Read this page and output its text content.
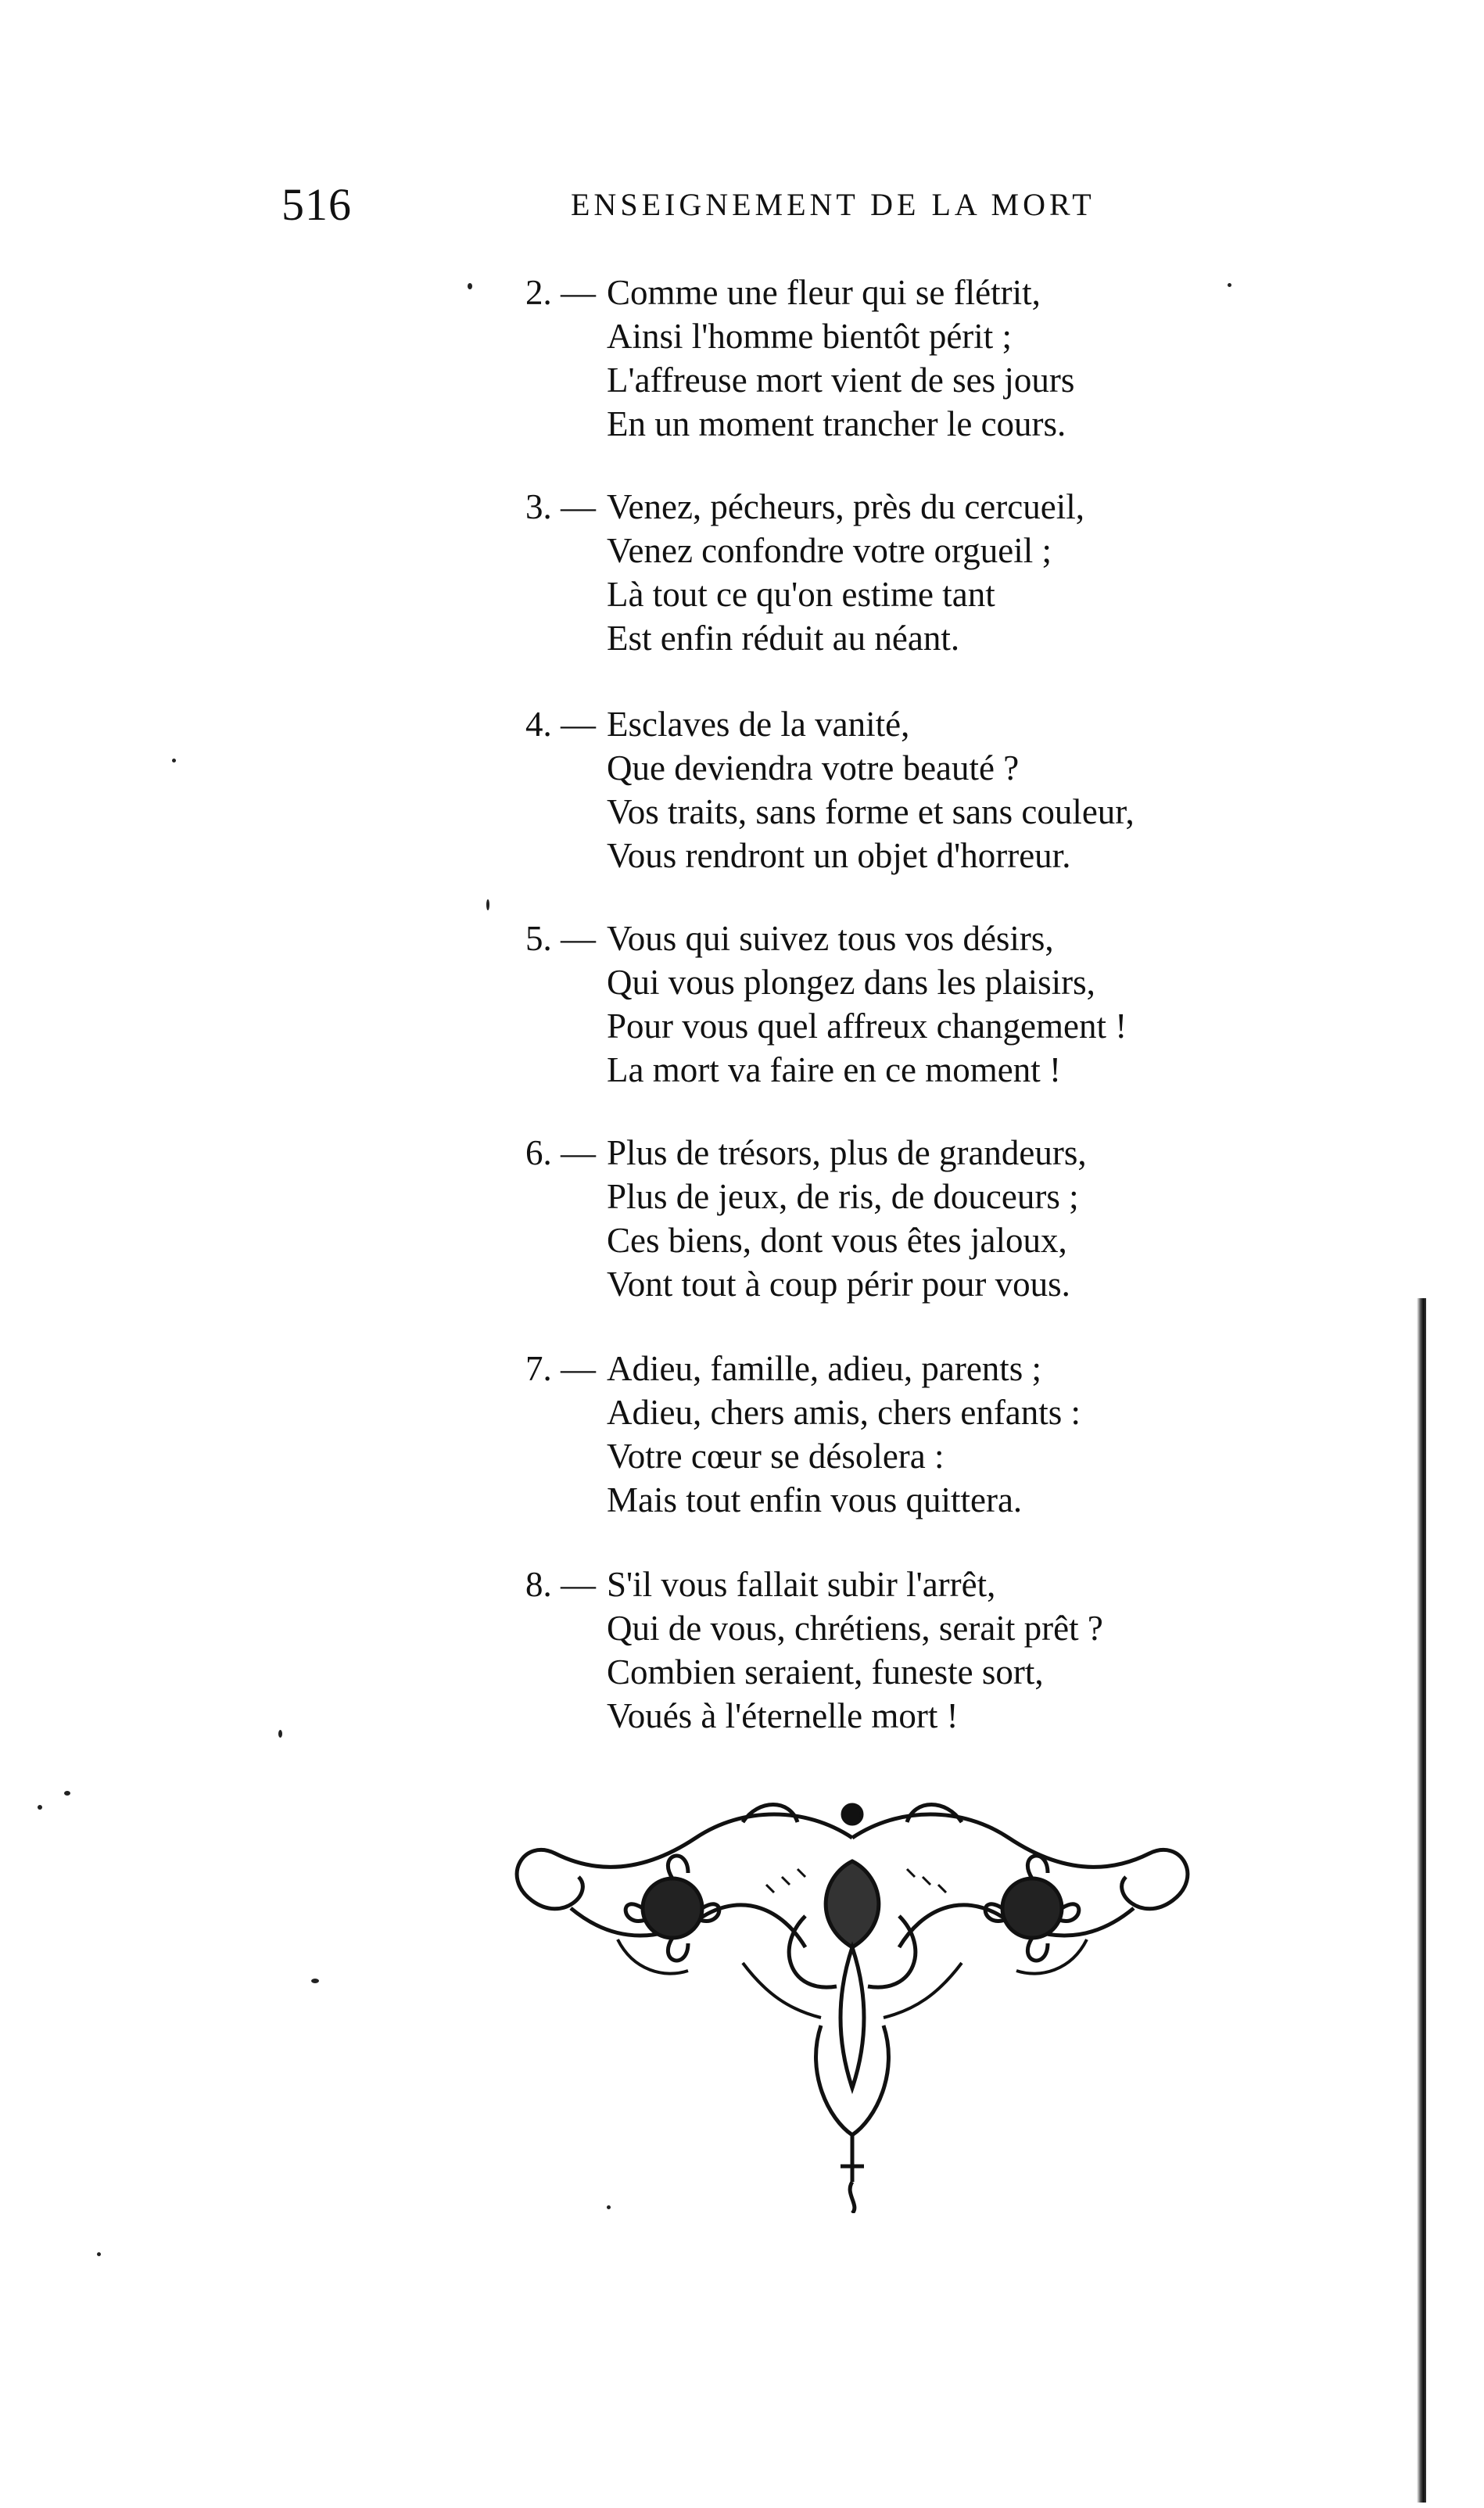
516	ENSEIGNEMENT DE LA MORT
2. — Comme une fleur qui se flétrit,
Ainsi l'homme bientôt périt ;
L'affreuse mort vient de ses jours
En un moment trancher le cours.
3. — Venez, pécheurs, près du cercueil,
Venez confondre votre orgueil ;
Là tout ce qu'on estime tant
Est enfin réduit au néant.
4. — Esclaves de la vanité,
Que deviendra votre beauté ?
Vos traits, sans forme et sans couleur,
Vous rendront un objet d'horreur.
5. — Vous qui suivez tous vos désirs,
Qui vous plongez dans les plaisirs,
Pour vous quel affreux changement !
La mort va faire en ce moment !
6. — Plus de trésors, plus de grandeurs,
Plus de jeux, de ris, de douceurs ;
Ces biens, dont vous êtes jaloux,
Vont tout à coup périr pour vous.
7. — Adieu, famille, adieu, parents ;
Adieu, chers amis, chers enfants :
Votre cœur se désolera :
Mais tout enfin vous quittera.
8. — S'il vous fallait subir l'arrêt,
Qui de vous, chrétiens, serait prêt ?
Combien seraient, funeste sort,
Voués à l'éternelle mort !
